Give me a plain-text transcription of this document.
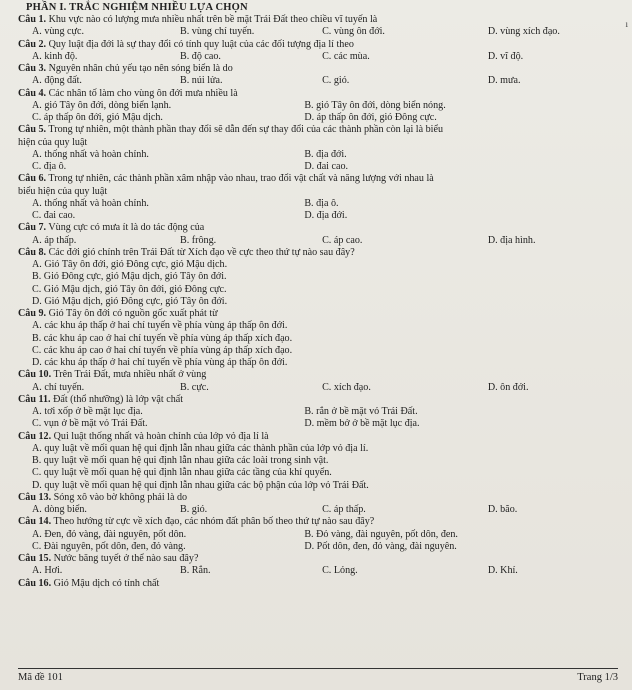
PHẦN I. TRẮC NGHIỆM NHIỀU LỰA CHỌN
Câu 1. Khu vực nào có lượng mưa nhiều nhất trên bề mặt Trái Đất theo chiều vĩ tuyến là
A. vùng cực.	B. vùng chí tuyến.	C. vùng ôn đới.	D. vùng xích đạo.
Câu 2. Quy luật địa đới là sự thay đổi có tính quy luật của các đối tượng địa lí theo
A. kinh độ.	B. độ cao.	C. các mùa.	D. vĩ độ.
Câu 3. Nguyên nhân chủ yếu tạo nên sóng biển là do
A. động đất.	B. núi lửa.	C. gió.	D. mưa.
Câu 4. Các nhân tố làm cho vùng ôn đới mưa nhiều là
A. gió Tây ôn đới, dòng biển lạnh.	B. gió Tây ôn đới, dòng biển nóng.
C. áp thấp ôn đới, gió Mậu dịch.	D. áp thấp ôn đới, gió Đông cực.
Câu 5. Trong tự nhiên, một thành phần thay đổi sẽ dẫn đến sự thay đổi của các thành phần còn lại là biểu
hiện của quy luật
A. thống nhất và hoàn chỉnh.	B. địa đới.
C. địa ô.	D. đai cao.
Câu 6. Trong tự nhiên, các thành phần xâm nhập vào nhau, trao đổi vật chất và năng lượng với nhau là
biểu hiện của quy luật
A. thống nhất và hoàn chỉnh.	B. địa ô.
C. đai cao.	D. địa đới.
Câu 7. Vùng cực có mưa ít là do tác động của
A. áp thấp.	B. frông.	C. áp cao.	D. địa hình.
Câu 8. Các đới gió chính trên Trái Đất từ Xích đạo về cực theo thứ tự nào sau đây?
A. Gió Tây ôn đới, gió Đông cực, gió Mậu dịch.
B. Gió Đông cực, gió Mậu dịch, gió Tây ôn đới.
C. Gió Mậu dịch, gió Tây ôn đới, gió Đông cực.
D. Gió Mậu dịch, gió Đông cực, gió Tây ôn đới.
Câu 9. Gió Tây ôn đới có nguồn gốc xuất phát từ
A. các khu áp thấp ở hai chí tuyến về phía vùng áp thấp ôn đới.
B. các khu áp cao ở hai chí tuyến về phía vùng áp thấp xích đạo.
C. các khu áp cao ở hai chí tuyến về phía vùng áp thấp xích đạo.
D. các khu áp thấp ở hai chí tuyến về phía vùng áp thấp ôn đới.
Câu 10. Trên Trái Đất, mưa nhiều nhất ở vùng
A. chí tuyến.	B. cực.	C. xích đạo.	D. ôn đới.
Câu 11. Đất (thổ nhưỡng) là lớp vật chất
A. tơi xốp ở bề mặt lục địa.	B. rắn ở bề mặt vỏ Trái Đất.
C. vụn ở bề mặt vỏ Trái Đất.	D. mềm bở ở bề mặt lục địa.
Câu 12. Qui luật thống nhất và hoàn chỉnh của lớp vỏ địa lí là
A. quy luật về mối quan hệ qui định lẫn nhau giữa các thành phần của lớp vỏ địa lí.
B. quy luật về mối quan hệ qui định lẫn nhau giữa các loài trong sinh vật.
C. quy luật về mối quan hệ qui định lẫn nhau giữa các tầng của khí quyển.
D. quy luật về mối quan hệ qui định lẫn nhau giữa các bộ phận của lớp vỏ Trái Đất.
Câu 13. Sóng xô vào bờ không phải là do
A. dòng biển.	B. gió.	C. áp thấp.	D. bão.
Câu 14. Theo hướng từ cực về xích đạo, các nhóm đất phân bố theo thứ tự nào sau đây?
A. Đen, đỏ vàng, đài nguyên, pốt dôn.	B. Đỏ vàng, đài nguyên, pốt dôn, đen.
C. Đài nguyên, pốt dôn, đen, đỏ vàng.	D. Pốt dôn, đen, đỏ vàng, đài nguyên.
Câu 15. Nước băng tuyết ở thể nào sau đây?
A. Hơi.	B. Rắn.	C. Lỏng.	D. Khí.
Câu 16. Gió Mậu dịch có tính chất
ı
Mã đề 101	Trang 1/3
